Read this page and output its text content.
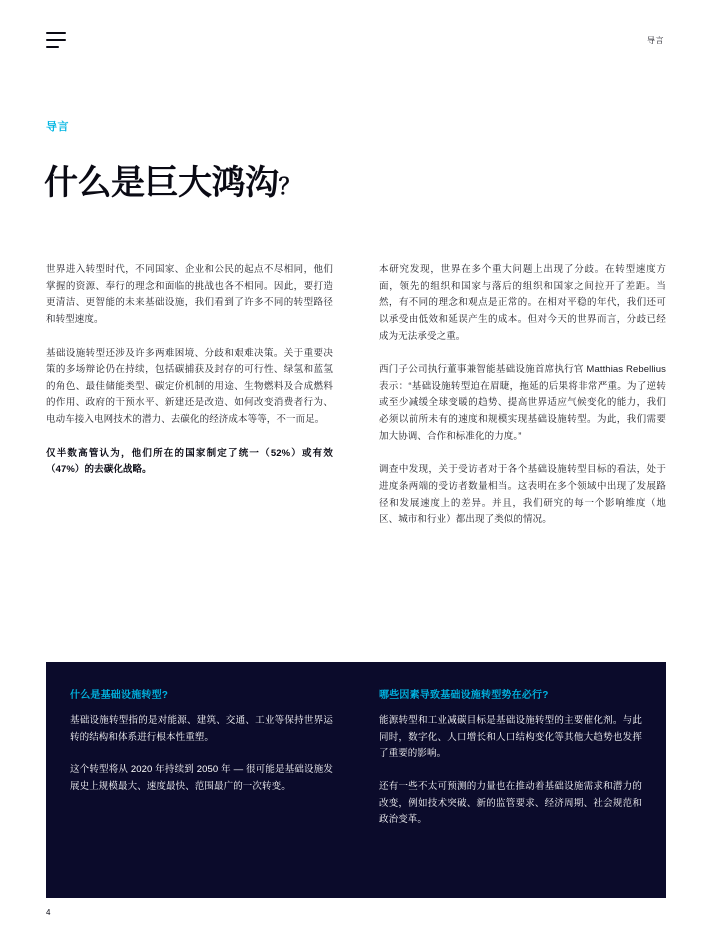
导言
导言
什么是巨大鸿沟？

世界进入转型时代，不同国家、企业和公民的起点不尽相同，他们掌握的资源、奉行的理念和面临的挑战也各不相同。因此，要打造更清洁、更智能的未来基础设施，我们看到了许多不同的转型路径和转型速度。

基础设施转型还涉及许多两难困境、分歧和艰难决策。关于重要决策的多场辩论仍在持续，包括碳捕获及封存的可行性、绿氢和蓝氢的角色、最佳储能类型、碳定价机制的用途、生物燃料及合成燃料的作用、政府的干预水平、新建还是改造、如何改变消费者行为、电动车接入电网技术的潜力、去碳化的经济成本等等，不一而足。

仅半数高管认为，他们所在的国家制定了统一（52%）或有效（47%）的去碳化战略。

本研究发现，世界在多个重大问题上出现了分歧。在转型速度方面，领先的组织和国家与落后的组织和国家之间拉开了差距。当然，有不同的理念和观点是正常的。在相对平稳的年代，我们还可以承受由低效和延误产生的成本。但对今天的世界而言，分歧已经成为无法承受之重。

西门子公司执行董事兼智能基础设施首席执行官 Matthias Rebellius 表示：“基础设施转型迫在眉睫，拖延的后果将非常严重。为了逆转或至少减缓全球变暖的趋势、提高世界适应气候变化的能力，我们必须以前所未有的速度和规模实现基础设施转型。为此，我们需要加大协调、合作和标准化的力度。”

调查中发现，关于受访者对于各个基础设施转型目标的看法，处于进度条两端的受访者数量相当。这表明在多个领域中出现了发展路径和发展速度上的差异。并且，我们研究的每一个影响维度（地区、城市和行业）都出现了类似的情况。

什么是基础设施转型?

基础设施转型指的是对能源、建筑、交通、工业等保持世界运转的结构和体系进行根本性重塑。

这个转型将从 2020 年持续到 2050 年 — 很可能是基础设施发展史上规模最大、速度最快、范围最广的一次转变。

哪些因素导致基础设施转型势在必行?

能源转型和工业减碳目标是基础设施转型的主要催化剂。与此同时，数字化、人口增长和人口结构变化等其他大趋势也发挥了重要的影响。

还有一些不太可预测的力量也在推动着基础设施需求和潜力的改变，例如技术突破、新的监管要求、经济周期、社会规范和政治变革。

4
